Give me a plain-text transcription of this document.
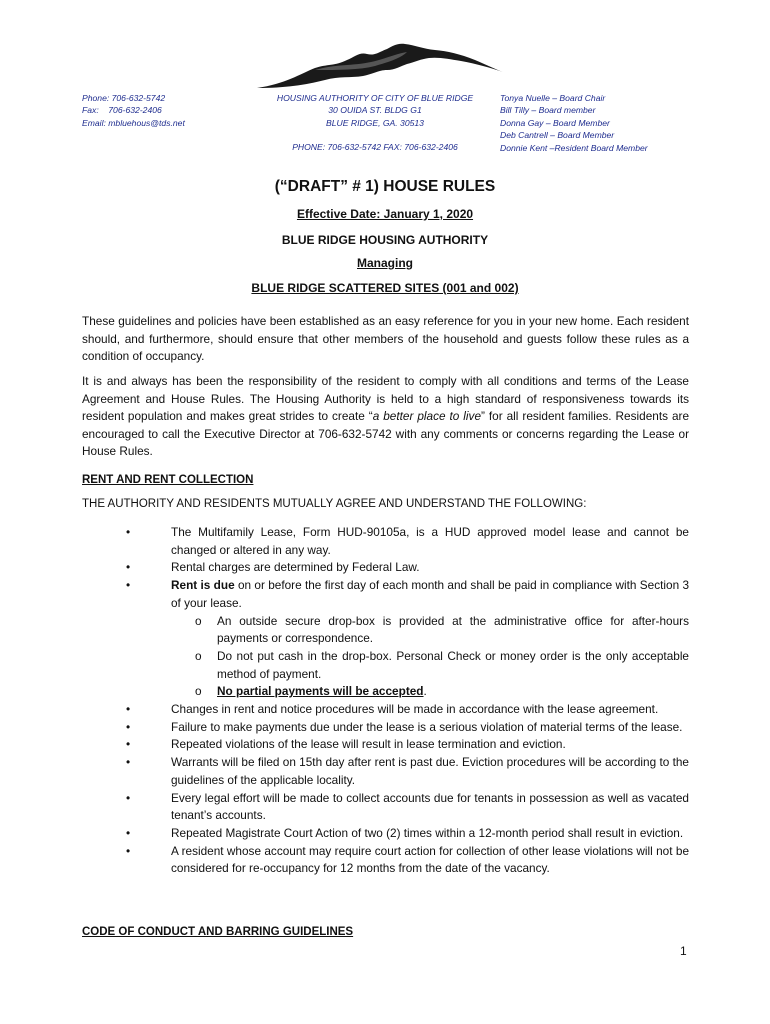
Phone: 706-632-5742
Fax:    706-632-2406
Email: mbluehous@tds.net
HOUSING AUTHORITY OF CITY OF BLUE RIDGE
30 OUIDA ST. BLDG G1
BLUE RIDGE, GA. 30513
PHONE: 706-632-5742 FAX: 706-632-2406
Tonya Nuelle – Board Chair
Bill Tilly – Board member
Donna Gay – Board Member
Deb Cantrell – Board Member
Donnie Kent –Resident Board Member
(“DRAFT” # 1) HOUSE RULES
Effective Date: January 1, 2020
BLUE RIDGE HOUSING AUTHORITY
Managing
BLUE RIDGE SCATTERED SITES (001 and 002)
These guidelines and policies have been established as an easy reference for you in your new home. Each resident should, and furthermore, should ensure that other members of the household and guests follow these rules as a condition of occupancy.
It is and always has been the responsibility of the resident to comply with all conditions and terms of the Lease Agreement and House Rules. The Housing Authority is held to a high standard of responsiveness towards its resident population and makes great strides to create “a better place to live” for all resident families. Residents are encouraged to call the Executive Director at 706-632-5742 with any comments or concerns regarding the Lease or House Rules.
RENT AND RENT COLLECTION
THE AUTHORITY AND RESIDENTS MUTUALLY AGREE AND UNDERSTAND THE FOLLOWING:
•	The Multifamily Lease, Form HUD-90105a, is a HUD approved model lease and cannot be changed or altered in any way.
•	Rental charges are determined by Federal Law.
•	Rent is due on or before the first day of each month and shall be paid in compliance with Section 3 of your lease.
o An outside secure drop-box is provided at the administrative office for after-hours payments or correspondence.
o Do not put cash in the drop-box. Personal Check or money order is the only acceptable method of payment.
o No partial payments will be accepted.
•	Changes in rent and notice procedures will be made in accordance with the lease agreement.
•	Failure to make payments due under the lease is a serious violation of material terms of the lease.
•	Repeated violations of the lease will result in lease termination and eviction.
•	Warrants will be filed on 15th day after rent is past due. Eviction procedures will be according to the guidelines of the applicable locality.
•	Every legal effort will be made to collect accounts due for tenants in possession as well as vacated tenant’s accounts.
•	Repeated Magistrate Court Action of two (2) times within a 12-month period shall result in eviction.
•	A resident whose account may require court action for collection of other lease violations will not be considered for re-occupancy for 12 months from the date of the vacancy.
CODE OF CONDUCT AND BARRING GUIDELINES
1
